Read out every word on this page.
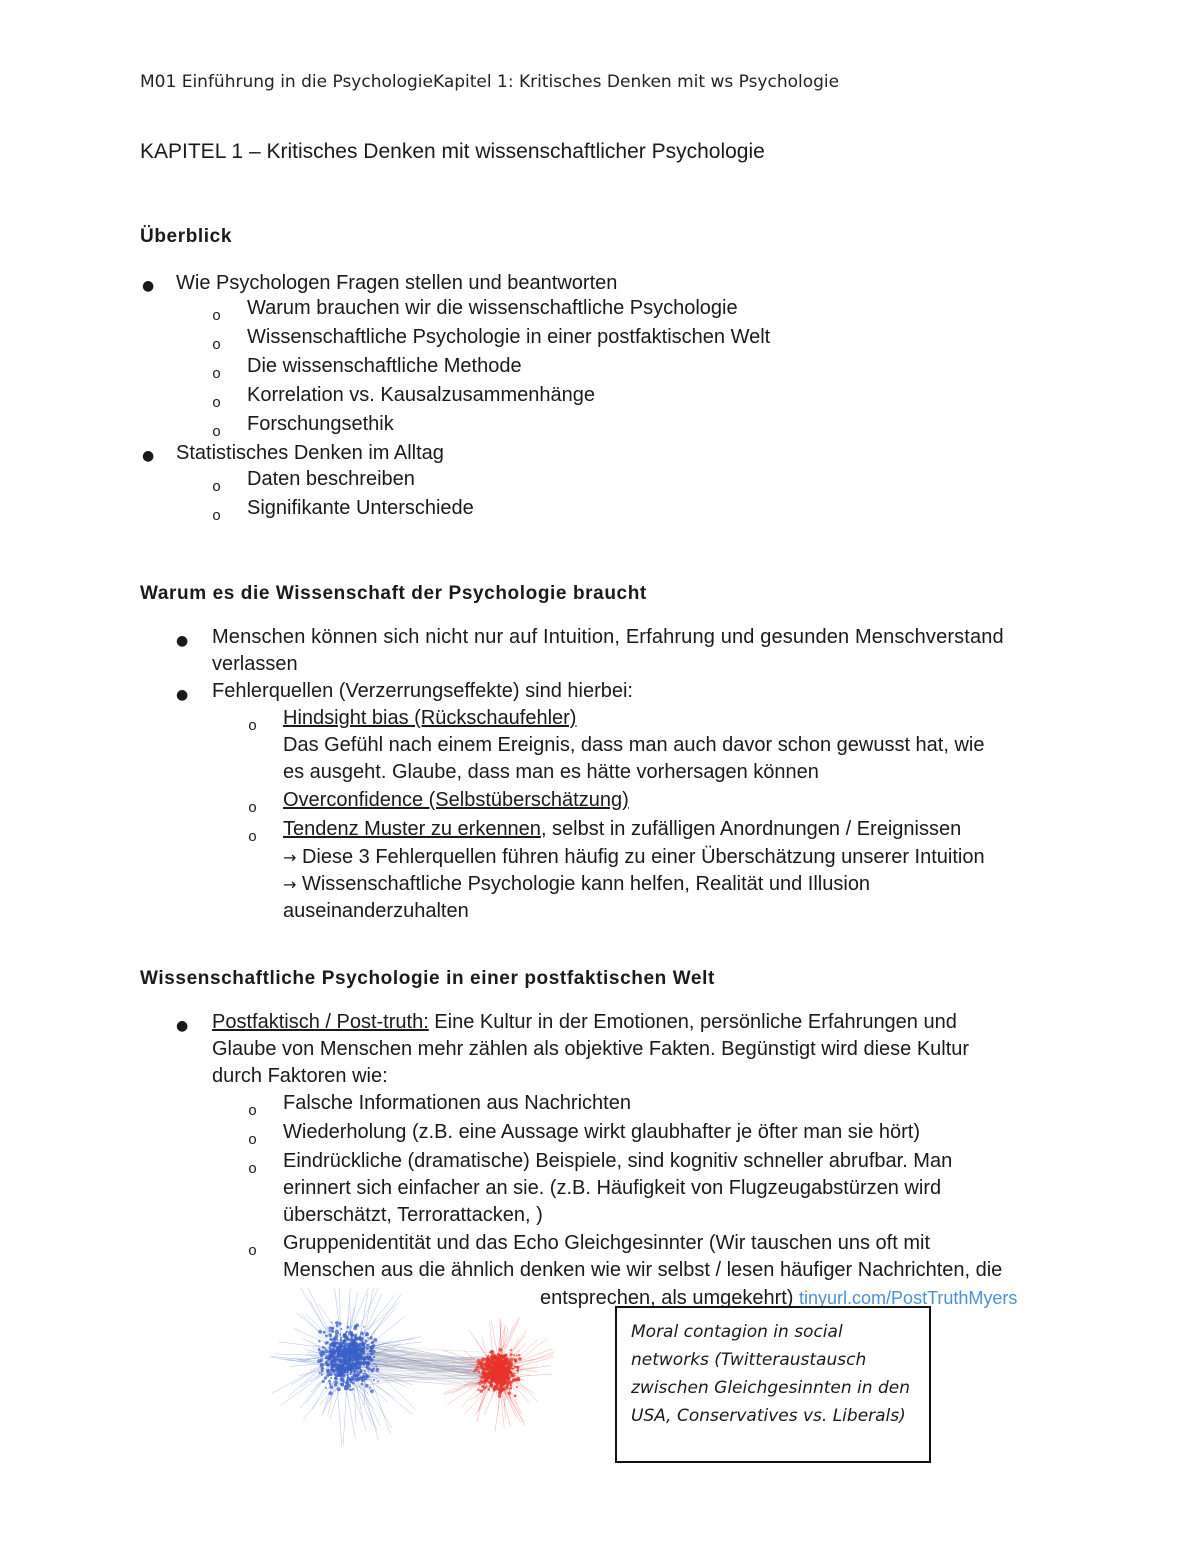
M01 Einführung in die PsychologieKapitel 1: Kritisches Denken mit ws Psychologie
KAPITEL 1 – Kritisches Denken mit wissenschaftlicher Psychologie
Überblick
● Wie Psychologen Fragen stellen und beantworten
o Warum brauchen wir die wissenschaftliche Psychologie
o Wissenschaftliche Psychologie in einer postfaktischen Welt
o Die wissenschaftliche Methode
o Korrelation vs. Kausalzusammenhänge
o Forschungsethik
● Statistisches Denken im Alltag
o Daten beschreiben
o Signifikante Unterschiede
Warum es die Wissenschaft der Psychologie braucht
● Menschen können sich nicht nur auf Intuition, Erfahrung und gesunden Menschverstand
verlassen
● Fehlerquellen (Verzerrungseffekte) sind hierbei:
o Hindsight bias (Rückschaufehler)
Das Gefühl nach einem Ereignis, dass man auch davor schon gewusst hat, wie
es ausgeht. Glaube, dass man es hätte vorhersagen können
o Overconfidence (Selbstüberschätzung)
o Tendenz Muster zu erkennen, selbst in zufälligen Anordnungen / Ereignissen
→ Diese 3 Fehlerquellen führen häufig zu einer Überschätzung unserer Intuition
→ Wissenschaftliche Psychologie kann helfen, Realität und Illusion
auseinanderzuhalten
Wissenschaftliche Psychologie in einer postfaktischen Welt
● Postfaktisch / Post-truth: Eine Kultur in der Emotionen, persönliche Erfahrungen und
Glaube von Menschen mehr zählen als objektive Fakten. Begünstigt wird diese Kultur
durch Faktoren wie:
o Falsche Informationen aus Nachrichten
o Wiederholung (z.B. eine Aussage wirkt glaubhafter je öfter man sie hört)
o Eindrückliche (dramatische) Beispiele, sind kognitiv schneller abrufbar. Man
erinnert sich einfacher an sie. (z.B. Häufigkeit von Flugzeugabstürzen wird
überschätzt, Terrorattacken, )
o Gruppenidentität und das Echo Gleichgesinnter (Wir tauschen uns oft mit
Menschen aus die ähnlich denken wie wir selbst / lesen häufiger Nachrichten, die
entsprechen, als umgekehrt) tinyurl.com/PostTruthMyers
Moral contagion in social
networks (Twitteraustausch
zwischen Gleichgesinnten in den
USA, Conservatives vs. Liberals)
